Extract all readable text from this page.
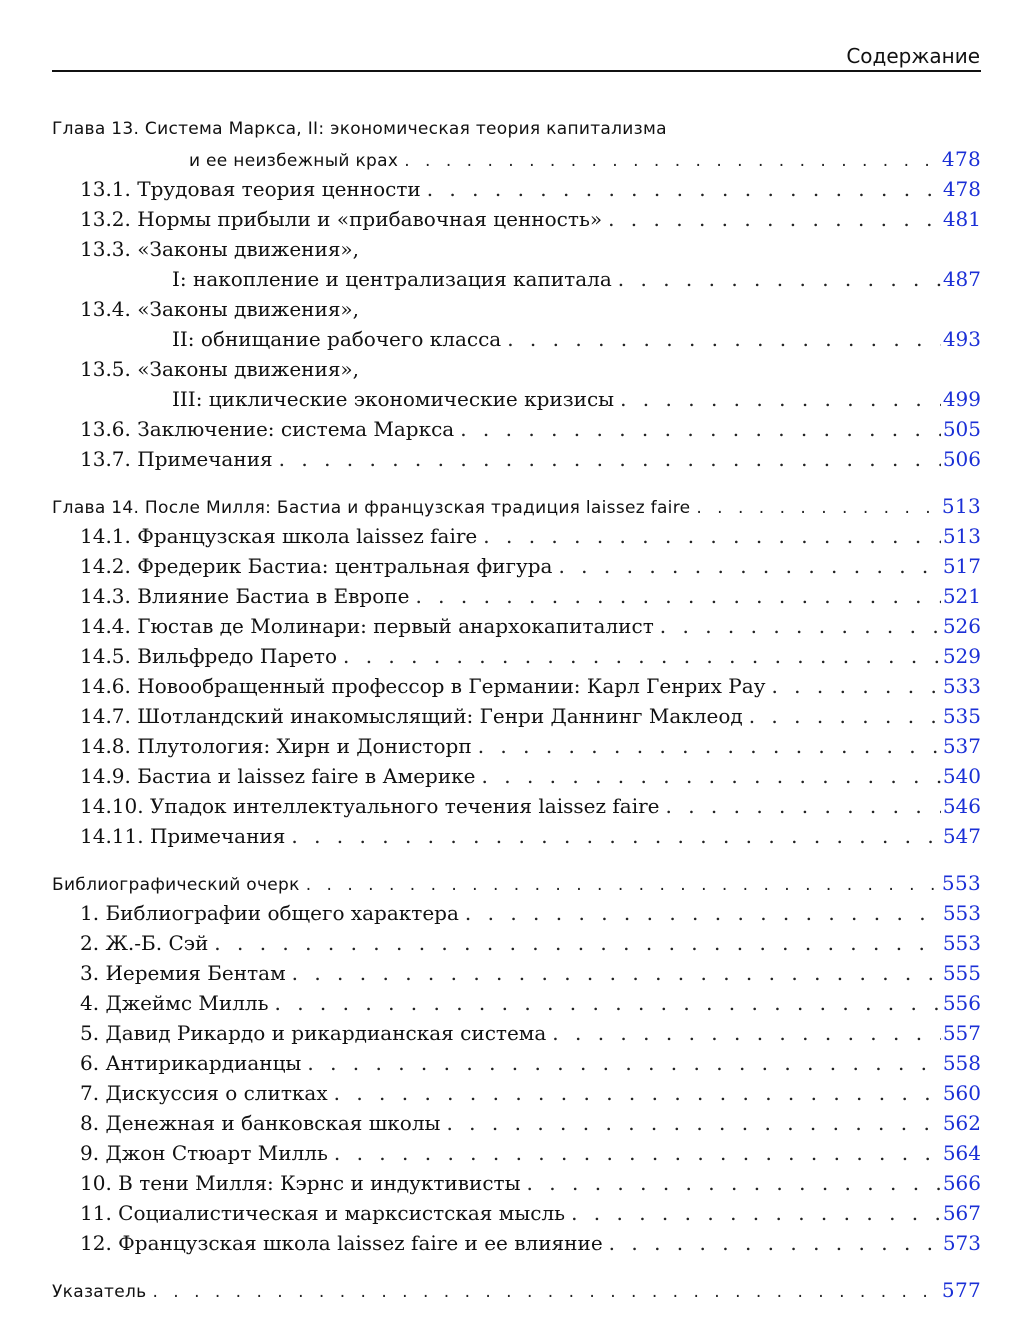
Содержание
Глава 13. Система Маркса, II: экономическая теория капитализма
и ее неизбежный крах . . .	478
13.1. Трудовая теория ценности . . .	478
13.2. Нормы прибыли и «прибавочная ценность» . . .	481
13.3. «Законы движения»,
I: накопление и централизация капитала . . .	487
13.4. «Законы движения»,
II: обнищание рабочего класса . . .	493
13.5. «Законы движения»,
III: циклические экономические кризисы . . .	499
13.6. Заключение: система Маркса . . .	505
13.7. Примечания . . .	506
Глава 14. После Милля: Бастиа и французская традиция laissez faire . . .	513
14.1. Французская школа laissez faire . . .	513
14.2. Фредерик Бастиа: центральная фигура . . .	517
14.3. Влияние Бастиа в Европе . . .	521
14.4. Гюстав де Молинари: первый анархокапиталист . . .	526
14.5. Вильфредо Парето . . .	529
14.6. Новообращенный профессор в Германии: Карл Генрих Рау . . .	533
14.7. Шотландский инакомыслящий: Генри Даннинг Маклеод . . .	535
14.8. Плутология: Хирн и Донисторп . . .	537
14.9. Бастиа и laissez faire в Америке . . .	540
14.10. Упадок интеллектуального течения laissez faire . . .	546
14.11. Примечания . . .	547
Библиографический очерк . . .	553
1. Библиографии общего характера . . .	553
2. Ж.-Б. Сэй . . .	553
3. Иеремия Бентам . . .	555
4. Джеймс Милль . . .	556
5. Давид Рикардо и рикардианская система . . .	557
6. Антирикардианцы . . .	558
7. Дискуссия о слитках . . .	560
8. Денежная и банковская школы . . .	562
9. Джон Стюарт Милль . . .	564
10. В тени Милля: Кэрнс и индуктивисты . . .	566
11. Социалистическая и марксистская мысль . . .	567
12. Французская школа laissez faire и ее влияние . . .	573
Указатель . . .	577
